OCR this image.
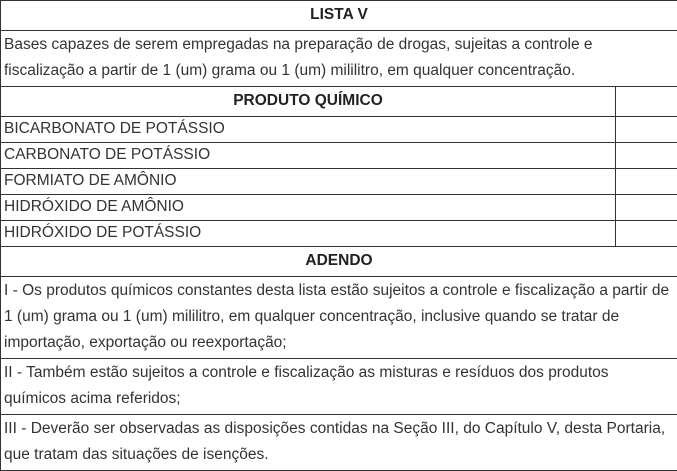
LISTA V	
Bases capazes de serem empregadas na preparação de drogas, sujeitas a controle e fiscalização a partir de 1 (um) grama ou 1 (um) mililitro, em qualquer concentração.	
PRODUTO QUÍMICO	
BICARBONATO DE POTÁSSIO	
CARBONATO DE POTÁSSIO	
FORMIATO DE AMÔNIO	
HIDRÓXIDO DE AMÔNIO	
HIDRÓXIDO DE POTÁSSIO	
ADENDO	
I - Os produtos químicos constantes desta lista estão sujeitos a controle e fiscalização a partir de 1 (um) grama ou 1 (um) mililitro, em qualquer concentração, inclusive quando se tratar de importação, exportação ou reexportação;	
II - Também estão sujeitos a controle e fiscalização as misturas e resíduos dos produtos químicos acima referidos;	
III - Deverão ser observadas as disposições contidas na Seção III, do Capítulo V, desta Portaria, que tratam das situações de isenções.	
